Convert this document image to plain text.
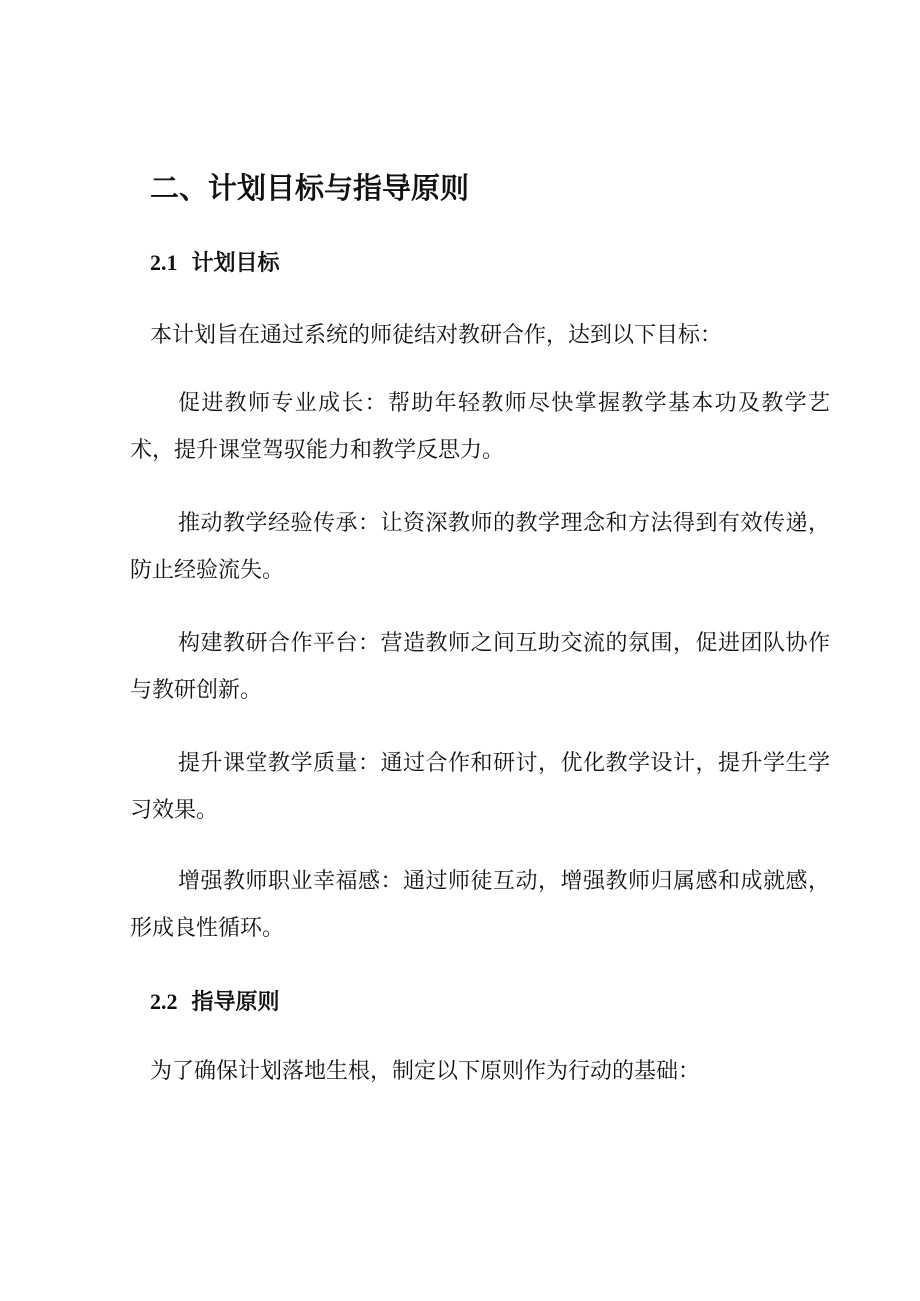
二、计划目标与指导原则
2.1 计划目标

本计划旨在通过系统的师徒结对教研合作，达到以下目标：

促进教师专业成长：帮助年轻教师尽快掌握教学基本功及教学艺术，提升课堂驾驭能力和教学反思力。

推动教学经验传承：让资深教师的教学理念和方法得到有效传递，防止经验流失。

构建教研合作平台：营造教师之间互助交流的氛围，促进团队协作与教研创新。

提升课堂教学质量：通过合作和研讨，优化教学设计，提升学生学习效果。

增强教师职业幸福感：通过师徒互动，增强教师归属感和成就感，形成良性循环。

2.2 指导原则

为了确保计划落地生根，制定以下原则作为行动的基础：
